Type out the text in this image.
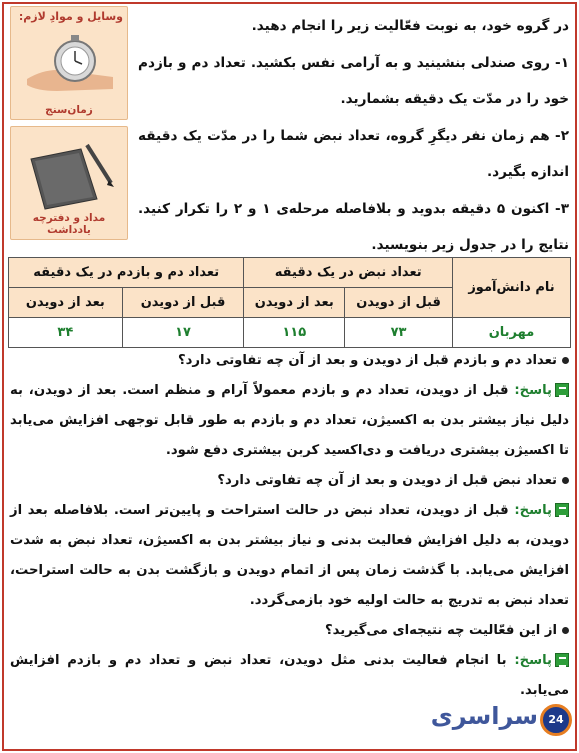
وسایل و موادِ لازم:
زمان‌سنج
مداد و دفترچه یادداشت

در گروه خود، به نوبت فعّالیت زیر را انجام دهید.

۱- روی صندلی بنشینید و به آرامی نفس بکشید. تعداد دم و بازدم خود را در مدّت یک دقیقه بشمارید.

۲- هم زمان نفر دیگرِ گروه، تعداد نبض شما را در مدّت یک دقیقه اندازه بگیرد.

۳- اکنون ۵ دقیقه بدوید و بلافاصله مرحله‌ی ۱ و ۲ را تکرار کنید. نتایج را در جدول زیر بنویسید.

نام دانش‌آموز	تعداد نبض در یک دقیقه		تعداد دم و بازدم در یک دقیقه	
	قبل از دویدن	بعد از دویدن	قبل از دویدن	بعد از دویدن
مهربان	۷۳	۱۱۵	۱۷	۳۴
تعداد دم و بازدم قبل از دویدن و بعد از آن چه تفاوتی دارد؟
پاسخ: قبل از دویدن، تعداد دم و بازدم معمولاً آرام و منظم است. بعد از دویدن، به دلیل نیاز بیشتر بدن به اکسیژن، تعداد دم و بازدم به طور قابل توجهی افزایش می‌یابد تا اکسیژن بیشتری دریافت و دی‌اکسید کربن بیشتری دفع شود.
تعداد نبض قبل از دویدن و بعد از آن چه تفاوتی دارد؟
پاسخ: قبل از دویدن، تعداد نبض در حالت استراحت و پایین‌تر است. بلافاصله بعد از دویدن، به دلیل افزایش فعالیت بدنی و نیاز بیشتر بدن به اکسیژن، تعداد نبض به شدت افزایش می‌یابد. با گذشت زمان پس از اتمام دویدن و بازگشت بدن به حالت استراحت، تعداد نبض به تدریج به حالت اولیه خود بازمی‌گردد.
از این فعّالیت چه نتیجه‌ای می‌گیرید؟
پاسخ: با انجام فعالیت بدنی مثل دویدن، تعداد نبض و تعداد دم و بازدم افزایش می‌یابد.
سراسری 24
